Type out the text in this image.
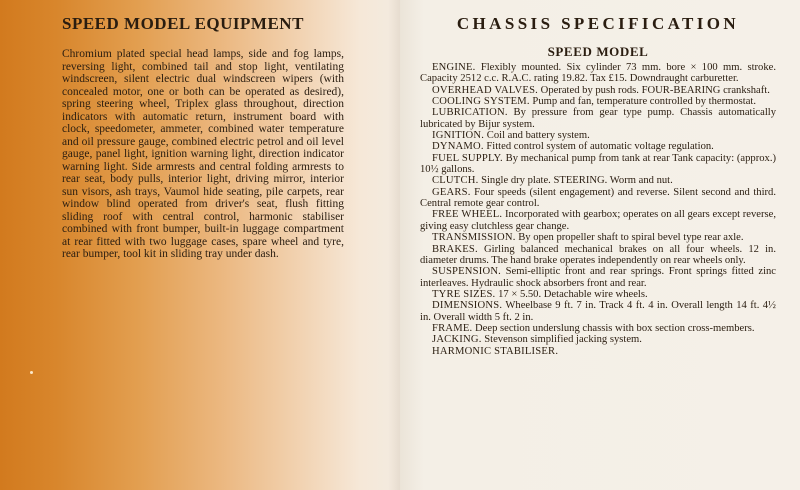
SPEED MODEL EQUIPMENT

Chromium plated special head lamps, side and fog lamps, reversing light, combined tail and stop light, ventilating windscreen, silent electric dual windscreen wipers (with concealed motor, one or both can be operated as desired), spring steering wheel, Triplex glass throughout, direction indicators with automatic return, instrument board with clock, speedometer, ammeter, combined water temperature and oil pressure gauge, combined electric petrol and oil level gauge, panel light, ignition warning light, direction indicator warning light. Side armrests and central folding armrests to rear seat, body pulls, interior light, driving mirror, interior sun visors, ash trays, Vaumol hide seating, pile carpets, rear window blind operated from driver's seat, flush fitting sliding roof with central control, harmonic stabiliser combined with front bumper, built-in luggage compartment at rear fitted with two luggage cases, spare wheel and tyre, rear bumper, tool kit in sliding tray under dash.

CHASSIS SPECIFICATION
SPEED MODEL
ENGINE. Flexibly mounted. Six cylinder 73 mm. bore × 100 mm. stroke. Capacity 2512 c.c. R.A.C. rating 19.82. Tax £15. Downdraught carburetter.
OVERHEAD VALVES. Operated by push rods. FOUR-BEARING crankshaft.
COOLING SYSTEM. Pump and fan, temperature controlled by thermostat.
LUBRICATION. By pressure from gear type pump. Chassis automatically lubricated by Bijur system.
IGNITION. Coil and battery system.
DYNAMO. Fitted control system of automatic voltage regulation.
FUEL SUPPLY. By mechanical pump from tank at rear Tank capacity: (approx.) 10½ gallons.
CLUTCH. Single dry plate. STEERING. Worm and nut.
GEARS. Four speeds (silent engagement) and reverse. Silent second and third. Central remote gear control.
FREE WHEEL. Incorporated with gearbox; operates on all gears except reverse, giving easy clutchless gear change.
TRANSMISSION. By open propeller shaft to spiral bevel type rear axle.
BRAKES. Girling balanced mechanical brakes on all four wheels. 12 in. diameter drums. The hand brake operates independently on rear wheels only.
SUSPENSION. Semi-elliptic front and rear springs. Front springs fitted zinc interleaves. Hydraulic shock absorbers front and rear.
TYRE SIZES. 17 × 5.50. Detachable wire wheels.
DIMENSIONS. Wheelbase 9 ft. 7 in. Track 4 ft. 4 in. Overall length 14 ft. 4½ in. Overall width 5 ft. 2 in.
FRAME. Deep section underslung chassis with box section cross-members.
JACKING. Stevenson simplified jacking system.
HARMONIC STABILISER.
